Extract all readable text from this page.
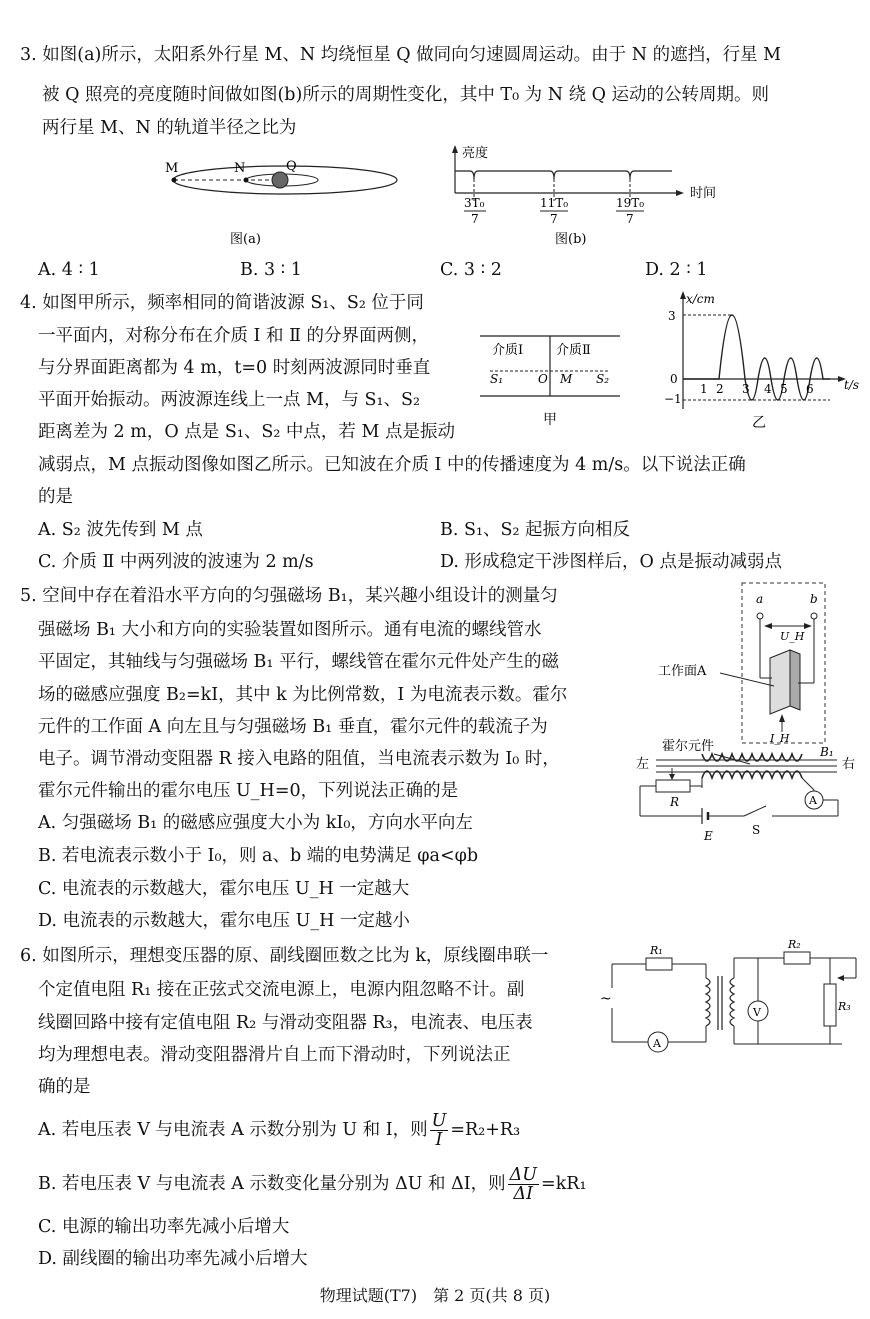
3. 如图(a)所示，太阳系外行星 M、N 均绕恒星 Q 做同向匀速圆周运动。由于 N 的遮挡，行星 M
被 Q 照亮的亮度随时间做如图(b)所示的周期性变化，其中 T₀ 为 N 绕 Q 运动的公转周期。则
两行星 M、N 的轨道半径之比为
M	N	Q
图(a)
亮度
时间
3T₀
7
11T₀
7
19T₀
7
图(b)
A. 4 ∶ 1	B. 3 ∶ 1	C. 3 ∶ 2	D. 2 ∶ 1
4. 如图甲所示，频率相同的简谐波源 S₁、S₂ 位于同
一平面内，对称分布在介质 Ⅰ 和 Ⅱ 的分界面两侧，
与分界面距离都为 4 m，t=0 时刻两波源同时垂直
平面开始振动。两波源连线上一点 M，与 S₁、S₂
距离差为 2 m，O 点是 S₁、S₂ 中点，若 M 点是振动
减弱点，M 点振动图像如图乙所示。已知波在介质 Ⅰ 中的传播速度为 4 m/s。以下说法正确
的是
介质Ⅰ	介质Ⅱ
S₁	O M S₂
甲
x/cm
t/s
3
−1
0
1 2 3 4 5 6
乙
A. S₂ 波先传到 M 点	B. S₁、S₂ 起振方向相反
C. 介质 Ⅱ 中两列波的波速为 2 m/s	D. 形成稳定干涉图样后，O 点是振动减弱点
5. 空间中存在着沿水平方向的匀强磁场 B₁，某兴趣小组设计的测量匀
强磁场 B₁ 大小和方向的实验装置如图所示。通有电流的螺线管水
平固定，其轴线与匀强磁场 B₁ 平行，螺线管在霍尔元件处产生的磁
场的磁感应强度 B₂=kI，其中 k 为比例常数，I 为电流表示数。霍尔
元件的工作面 A 向左且与匀强磁场 B₁ 垂直，霍尔元件的载流子为
电子。调节滑动变阻器 R 接入电路的阻值，当电流表示数为 I₀ 时，
霍尔元件输出的霍尔电压 U_H=0，下列说法正确的是
A. 匀强磁场 B₁ 的磁感应强度大小为 kI₀，方向水平向左
B. 若电流表示数小于 I₀，则 a、b 端的电势满足 φa<φb
C. 电流表的示数越大，霍尔电压 U_H 一定越大
D. 电流表的示数越大，霍尔电压 U_H 一定越小
a	b
U_H
I_H
工作面A
霍尔元件	B₁
左	右
A
R
E	S
6. 如图所示，理想变压器的原、副线圈匝数之比为 k，原线圈串联一
个定值电阻 R₁ 接在正弦式交流电源上，电源内阻忽略不计。副
线圈回路中接有定值电阻 R₂ 与滑动变阻器 R₃，电流表、电压表
均为理想电表。滑动变阻器滑片自上而下滑动时，下列说法正
确的是
~
R₁	R₂
R₃
V
A
A. 若电压表 V 与电流表 A 示数分别为 U 和 I，则 $\frac{U}{I} =R_2+R_3$
B. 若电压表 V 与电流表 A 示数变化量分别为 ΔU 和 ΔI，则 $\frac{\Delta U}{\Delta I} =kR_1$
C. 电源的输出功率先减小后增大
D. 副线圈的输出功率先减小后增大
物理试题(T7)　第 2 页(共 8 页)
